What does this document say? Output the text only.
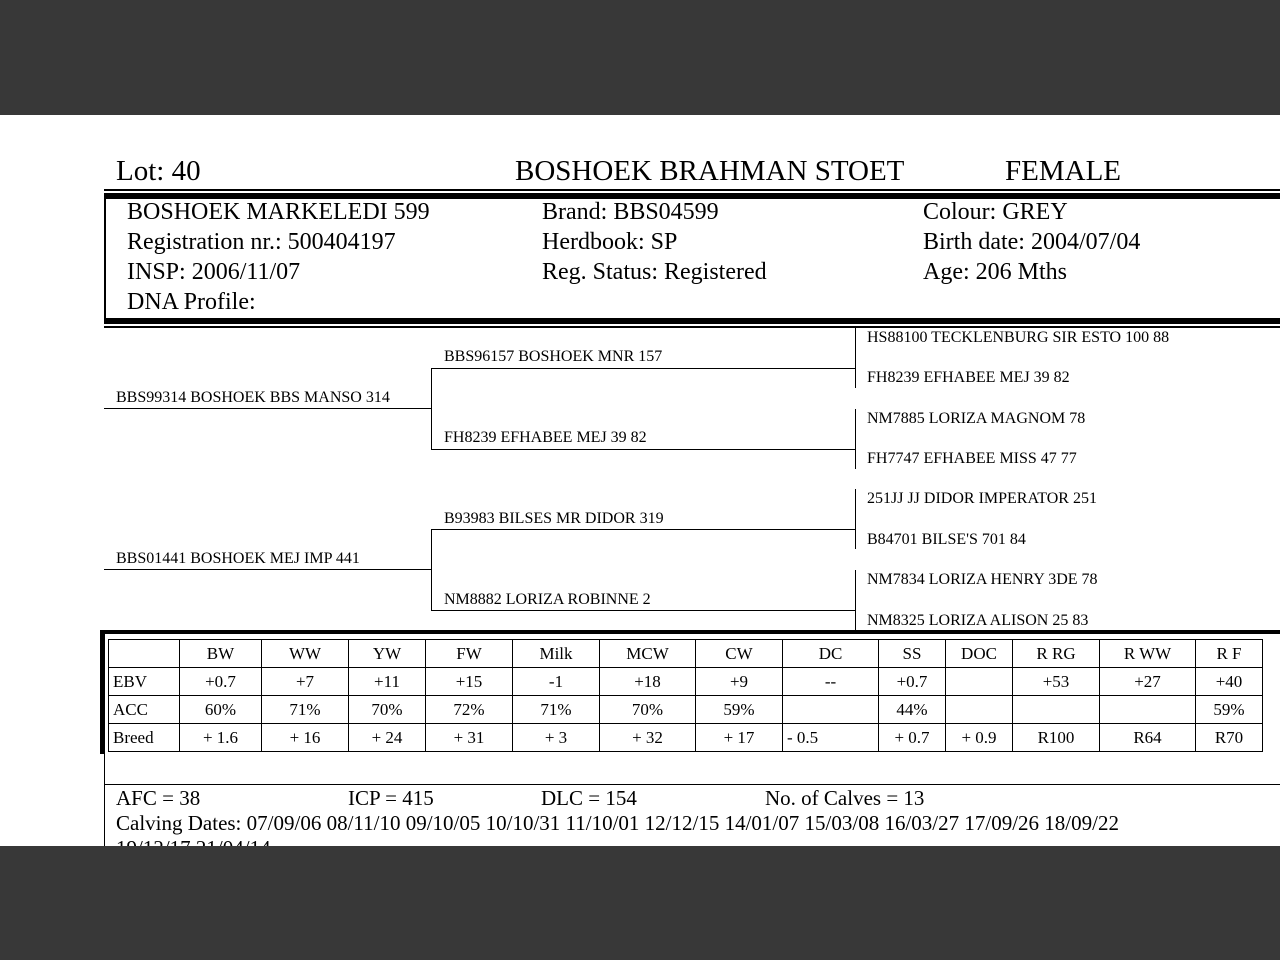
Lot: 40	BOSHOEK BRAHMAN STOET	FEMALE
BOSHOEK MARKELEDI 599
Registration nr.: 500404197
INSP: 2006/11/07
DNA Profile:
Brand: BBS04599
Herdbook: SP
Reg. Status: Registered
Colour: GREY
Birth date: 2004/07/04
Age: 206 Mths
BBS99314 BOSHOEK BBS MANSO 314
BBS01441 BOSHOEK MEJ IMP 441
BBS96157 BOSHOEK MNR 157
FH8239 EFHABEE MEJ 39 82
B93983 BILSES MR DIDOR 319
NM8882 LORIZA ROBINNE 2
HS88100 TECKLENBURG SIR ESTO 100 88
FH8239 EFHABEE MEJ 39 82
NM7885 LORIZA MAGNOM 78
FH7747 EFHABEE MISS 47 77
251JJ JJ DIDOR IMPERATOR 251
B84701 BILSE'S 701 84
NM7834 LORIZA HENRY 3DE 78
NM8325 LORIZA ALISON 25 83
	BW	WW	YW	FW	Milk	MCW	CW	DC	SS	DOC	R RG	R WW	R F
EBV	+0.7	+7	+11	+15	-1	+18	+9	--	+0.7		+53	+27	+40
ACC	60%	71%	70%	72%	71%	70%	59%		44%				59%
Breed	+ 1.6	+ 16	+ 24	+ 31	+ 3	+ 32	+ 17	- 0.5	+ 0.7	+ 0.9	R100	R64	R70
AFC = 38	ICP = 415	DLC = 154	No. of Calves = 13
Calving Dates: 07/09/06 08/11/10 09/10/05 10/10/31 11/10/01 12/12/15 14/01/07 15/03/08 16/03/27 17/09/26 18/09/22
